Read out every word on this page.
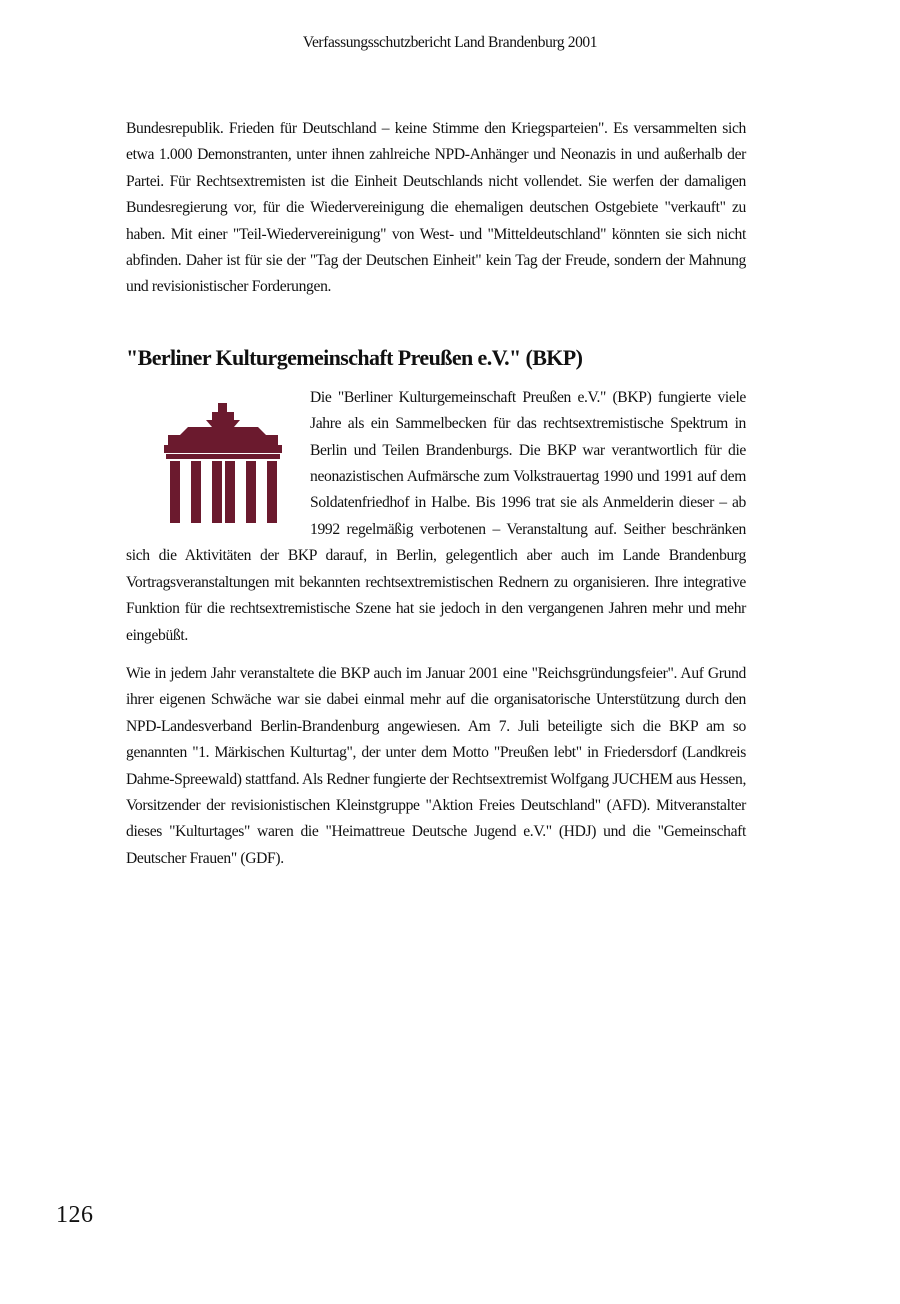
Verfassungsschutzbericht Land Brandenburg 2001

Bundesrepublik. Frieden für Deutschland – keine Stimme den Kriegsparteien". Es versammelten sich etwa 1.000 Demonstranten, unter ihnen zahlreiche NPD-Anhänger und Neonazis in und außerhalb der Partei. Für Rechtsextremisten ist die Einheit Deutschlands nicht vollendet. Sie werfen der damaligen Bundesregierung vor, für die Wiedervereinigung die ehemaligen deutschen Ostgebiete "verkauft" zu haben. Mit einer "Teil-Wiedervereinigung" von West- und "Mitteldeutschland" könnten sie sich nicht abfinden. Daher ist für sie der "Tag der Deutschen Einheit" kein Tag der Freude, sondern der Mahnung und revisionistischer Forderungen.

"Berliner Kulturgemeinschaft Preußen e.V." (BKP)

Die "Berliner Kulturgemeinschaft Preußen e.V." (BKP) fungierte viele Jahre als ein Sammelbecken für das rechtsextremistische Spektrum in Berlin und Teilen Brandenburgs. Die BKP war verantwortlich für die neonazistischen Aufmärsche zum Volkstrauertag 1990 und 1991 auf dem Soldatenfriedhof in Halbe. Bis 1996 trat sie als Anmelderin dieser – ab 1992 regelmäßig verbotenen – Veranstaltung auf. Seither beschränken sich die Aktivitäten der BKP darauf, in Berlin, gelegentlich aber auch im Lande Brandenburg Vortragsveranstaltungen mit bekannten rechtsextremistischen Rednern zu organisieren. Ihre integrative Funktion für die rechtsextremistische Szene hat sie jedoch in den vergangenen Jahren mehr und mehr eingebüßt.

Wie in jedem Jahr veranstaltete die BKP auch im Januar 2001 eine "Reichsgründungsfeier". Auf Grund ihrer eigenen Schwäche war sie dabei einmal mehr auf die organisatorische Unterstützung durch den NPD-Landesverband Berlin-Brandenburg angewiesen. Am 7. Juli beteiligte sich die BKP am so genannten "1. Märkischen Kulturtag", der unter dem Motto "Preußen lebt" in Friedersdorf (Landkreis Dahme-Spreewald) stattfand. Als Redner fungierte der Rechtsextremist Wolfgang JUCHEM aus Hessen, Vorsitzender der revisionistischen Kleinstgruppe "Aktion Freies Deutschland" (AFD). Mitveranstalter dieses "Kulturtages" waren die "Heimattreue Deutsche Jugend e.V." (HDJ) und die "Gemeinschaft Deutscher Frauen" (GDF).

126
